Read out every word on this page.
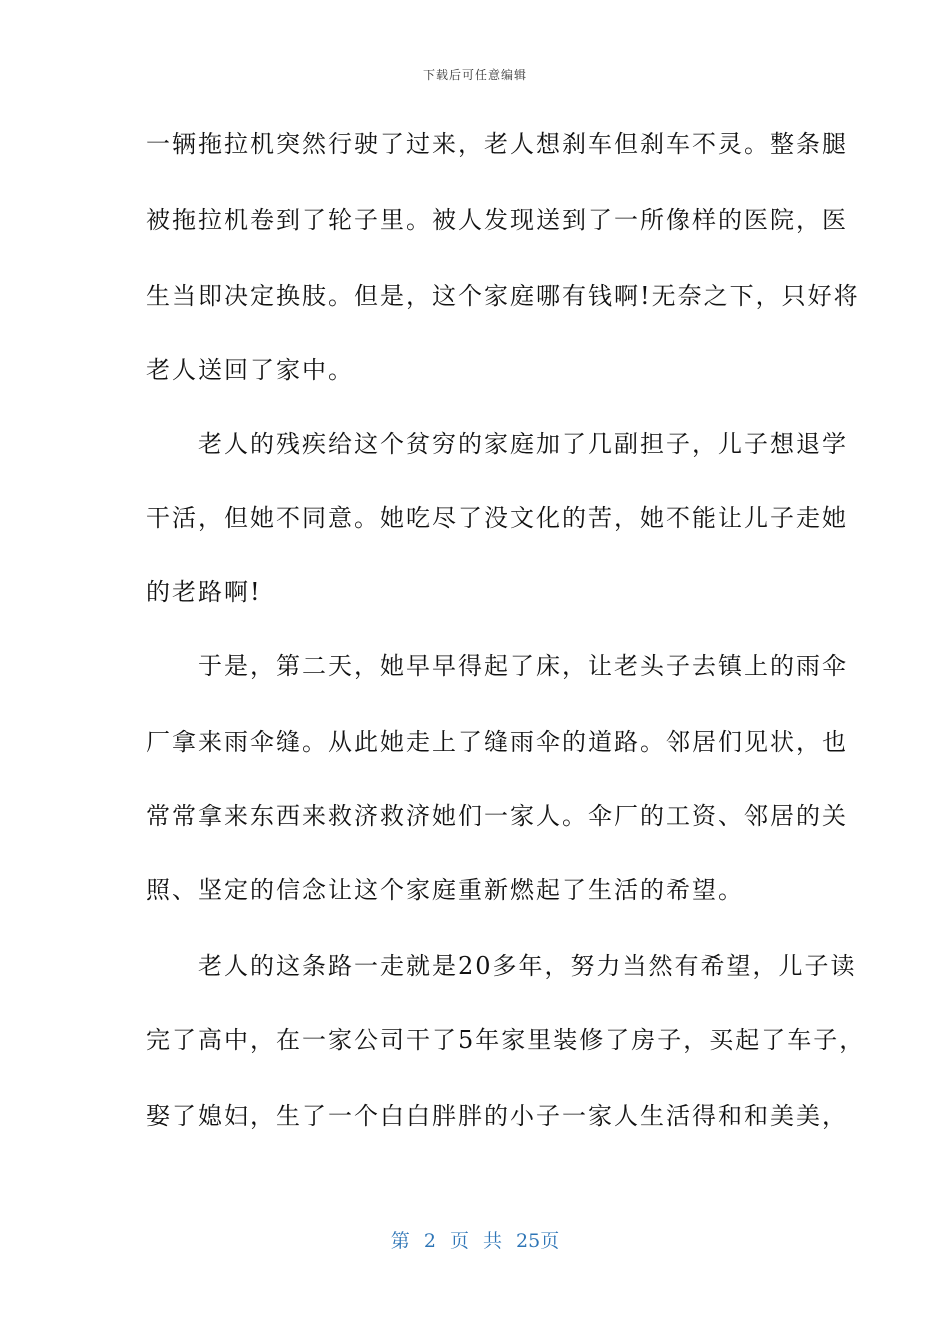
下载后可任意编辑
一辆拖拉机突然行驶了过来，老人想刹车但刹车不灵。整条腿
被拖拉机卷到了轮子里。被人发现送到了一所像样的医院，医
生当即决定换肢。但是，这个家庭哪有钱啊!无奈之下，只好将
老人送回了家中。
　　老人的残疾给这个贫穷的家庭加了几副担子，儿子想退学
干活，但她不同意。她吃尽了没文化的苦，她不能让儿子走她
的老路啊!
　　于是，第二天，她早早得起了床，让老头子去镇上的雨伞
厂拿来雨伞缝。从此她走上了缝雨伞的道路。邻居们见状，也
常常拿来东西来救济救济她们一家人。伞厂的工资、邻居的关
照、坚定的信念让这个家庭重新燃起了生活的希望。
　　老人的这条路一走就是20多年，努力当然有希望，儿子读
完了高中，在一家公司干了5年家里装修了房子，买起了车子，
娶了媳妇，生了一个白白胖胖的小子一家人生活得和和美美，
第 2 页 共 25页
